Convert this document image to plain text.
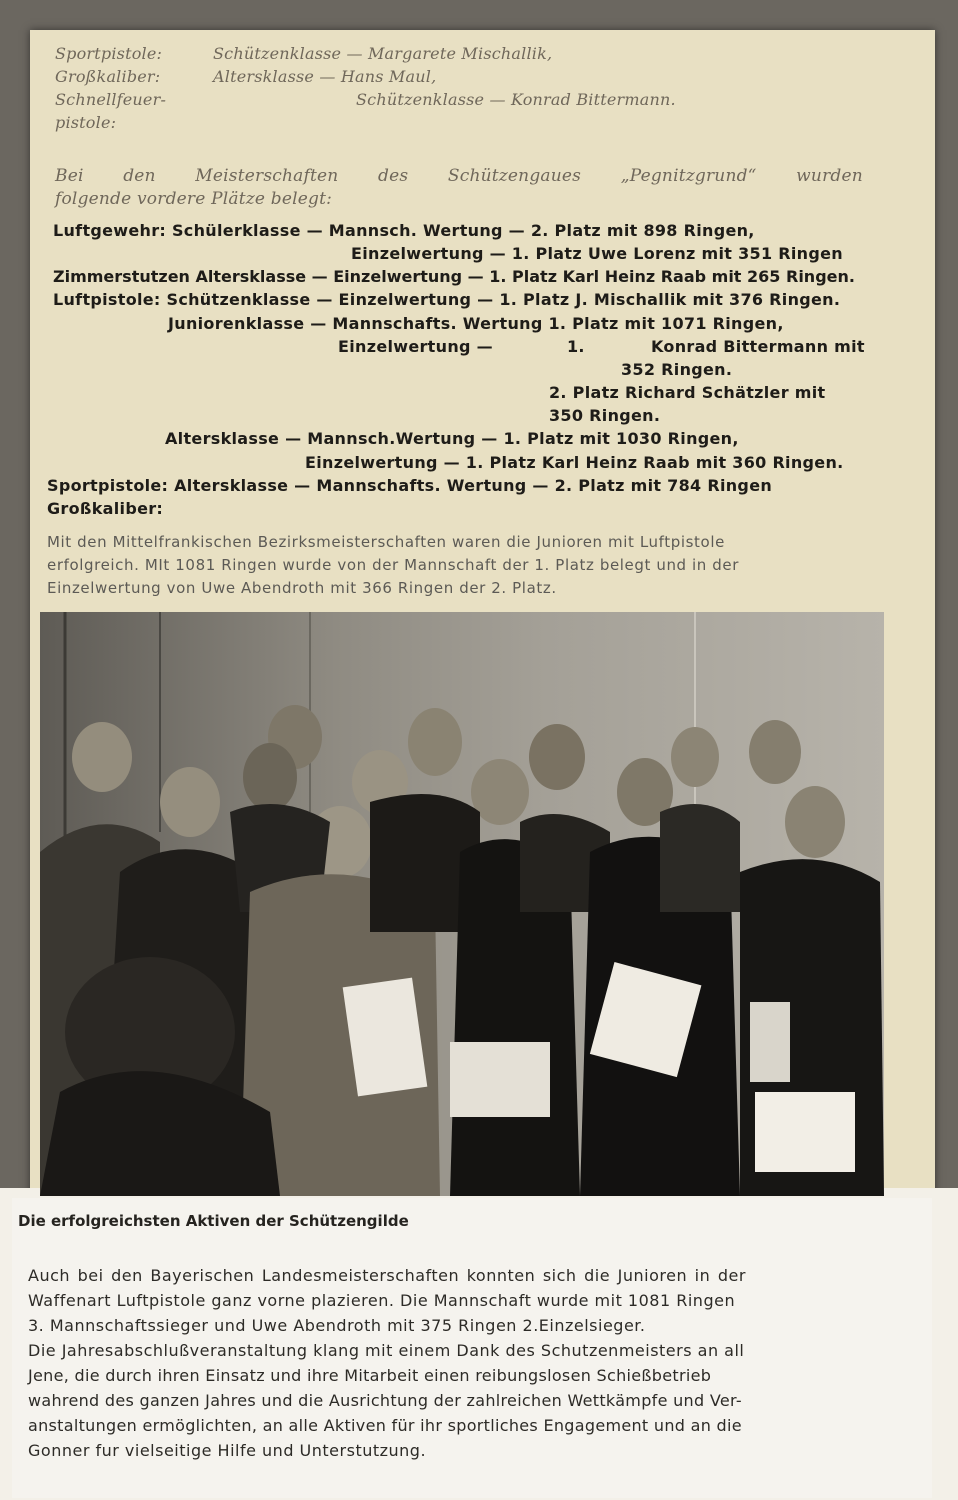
Sportpistole:	Schützenklasse — Margarete Mischallik,
Großkaliber:	Altersklasse — Hans Maul,
Schnellfeuer-	Schützenklasse — Konrad Bittermann.
pistole:
Bei den Meisterschaften des Schützengaues „Pegnitzgrund“ wurden
folgende vordere Plätze belegt:
Luftgewehr: Schülerklasse — Mannsch. Wertung — 2. Platz mit 898 Ringen,
Einzelwertung — 1. Platz Uwe Lorenz mit 351 Ringen
Zimmerstutzen Altersklasse — Einzelwertung — 1. Platz Karl Heinz Raab mit 265 Ringen.
Luftpistole: Schützenklasse — Einzelwertung — 1. Platz J. Mischallik mit 376 Ringen.
Juniorenklasse — Mannschafts. Wertung 1. Platz mit 1071 Ringen,
Einzelwertung —	1.	Konrad Bittermann mit
352 Ringen.
2. Platz Richard Schätzler mit
350 Ringen.
Altersklasse — Mannsch.Wertung — 1. Platz mit 1030 Ringen,
Einzelwertung — 1. Platz Karl Heinz Raab mit 360 Ringen.
Sportpistole: Altersklasse — Mannschafts. Wertung — 2. Platz mit 784 Ringen
Großkaliber:
Mit den Mittelfrankischen Bezirksmeisterschaften waren die Junioren mit Luftpistole
erfolgreich. MIt 1081 Ringen wurde von der Mannschaft der 1. Platz belegt und in der
Einzelwertung von Uwe Abendroth mit 366 Ringen der 2. Platz.
Die erfolgreichsten Aktiven der Schützengilde
Auch bei den Bayerischen Landesmeisterschaften konnten sich die Junioren in der
Waffenart Luftpistole ganz vorne plazieren. Die Mannschaft wurde mit 1081 Ringen
3. Mannschaftssieger und Uwe Abendroth mit 375 Ringen 2.Einzelsieger.
Die Jahresabschlußveranstaltung klang mit einem Dank des Schutzenmeisters an all
Jene, die durch ihren Einsatz und ihre Mitarbeit einen reibungslosen Schießbetrieb
wahrend des ganzen Jahres und die Ausrichtung der zahlreichen Wettkämpfe und Ver-
anstaltungen ermöglichten, an alle Aktiven für ihr sportliches Engagement und an die
Gonner fur vielseitige Hilfe und Unterstutzung.
